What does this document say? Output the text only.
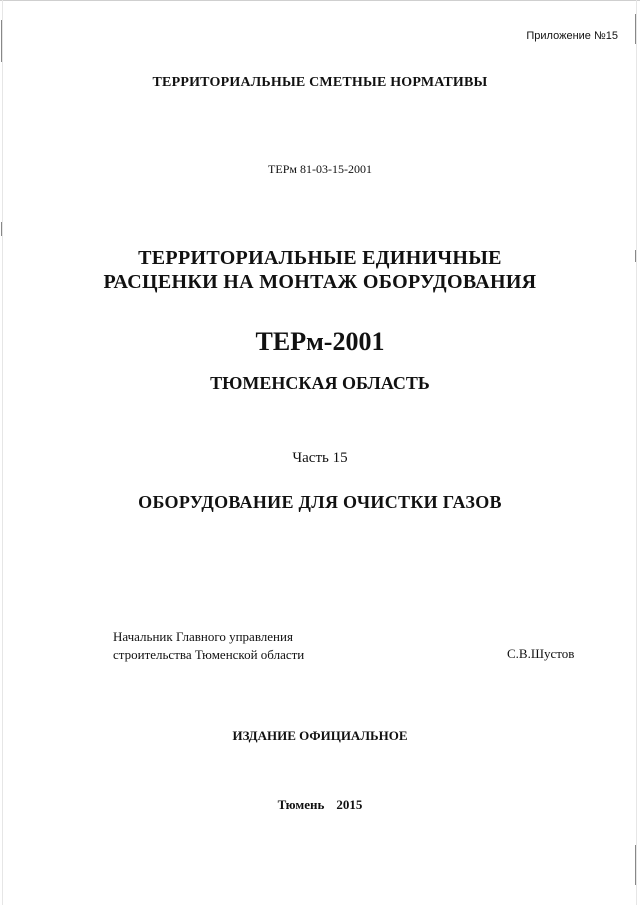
Приложение №15
ТЕРРИТОРИАЛЬНЫЕ СМЕТНЫЕ НОРМАТИВЫ
ТЕРм 81-03-15-2001
ТЕРРИТОРИАЛЬНЫЕ ЕДИНИЧНЫЕ
РАСЦЕНКИ НА МОНТАЖ ОБОРУДОВАНИЯ
ТЕРм-2001
ТЮМЕНСКАЯ ОБЛАСТЬ
Часть 15
ОБОРУДОВАНИЕ ДЛЯ ОЧИСТКИ ГАЗОВ
Начальник Главного управления
строительства Тюменской области	С.В.Шустов
ИЗДАНИЕ ОФИЦИАЛЬНОЕ
Тюмень 2015
